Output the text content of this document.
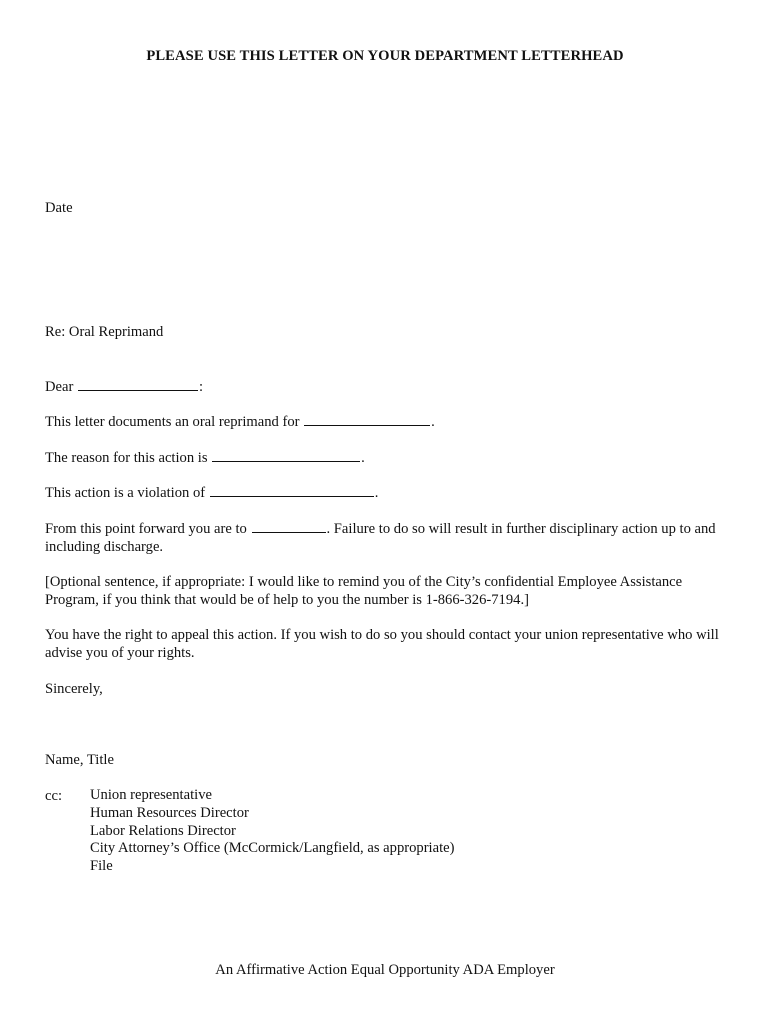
PLEASE USE THIS LETTER ON YOUR DEPARTMENT LETTERHEAD
Date
Re: Oral Reprimand
Dear	:
This letter documents an oral reprimand for	.
The reason for this action is	.
This action is a violation of	.
From this point forward you are to	. Failure to do so will result in further disciplinary action up to and including discharge.
[Optional sentence, if appropriate: I would like to remind you of the City’s confidential Employee Assistance Program, if you think that would be of help to you the number is 1-866-326-7194.]
You have the right to appeal this action. If you wish to do so you should contact your union representative who will advise you of your rights.
Sincerely,
Name, Title
cc: Union representative
Human Resources Director
Labor Relations Director
City Attorney’s Office (McCormick/Langfield, as appropriate)
File
An Affirmative Action Equal Opportunity ADA Employer
